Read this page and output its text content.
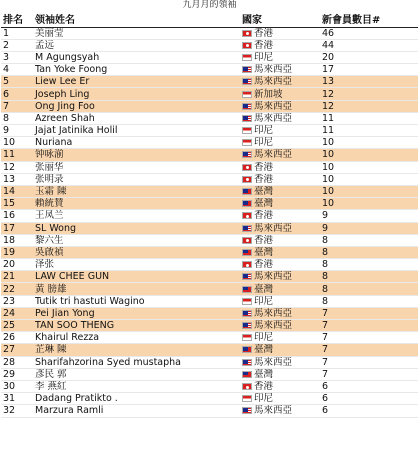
九月月的領袖
排名	领袖姓名	國家	新會員數目#
1	美丽莹	香港	46
2	孟远	香港	44
3	M Agungsyah	印尼	20
4	Tan Yoke Foong	馬來西亞	17
5	Liew Lee Er	馬來西亞	13
6	Joseph Ling	新加坡	12
7	Ong Jing Foo	馬來西亞	12
8	Azreen Shah	馬來西亞	11
9	Jajat Jatinika Holil	印尼	11
10	Nuriana	印尼	10
11	钟咏湔	馬來西亞	10
12	张丽华	香港	10
13	张明录	香港	10
14	玉霜 陳	臺灣	10
15	賴統賛	臺灣	10
16	王凤兰	香港	9
17	SL Wong	馬來西亞	9
18	黎六生	香港	8
19	吳啟禎	臺灣	8
20	泽张	香港	8
21	LAW CHEE GUN	馬來西亞	8
22	黃 膀雄	臺灣	8
23	Tutik tri hastuti Wagino	印尼	8
24	Pei Jian Yong	馬來西亞	7
25	TAN SOO THENG	馬來西亞	7
26	Khairul Rezza	印尼	7
27	芷琳 陳	臺灣	7
28	Sharifahzorina Syed mustapha	馬來西亞	7
29	彥民 郭	臺灣	7
30	李 燕紅	香港	6
31	Dadang Pratikto .	印尼	6
32	Marzura Ramli	馬來西亞	6
